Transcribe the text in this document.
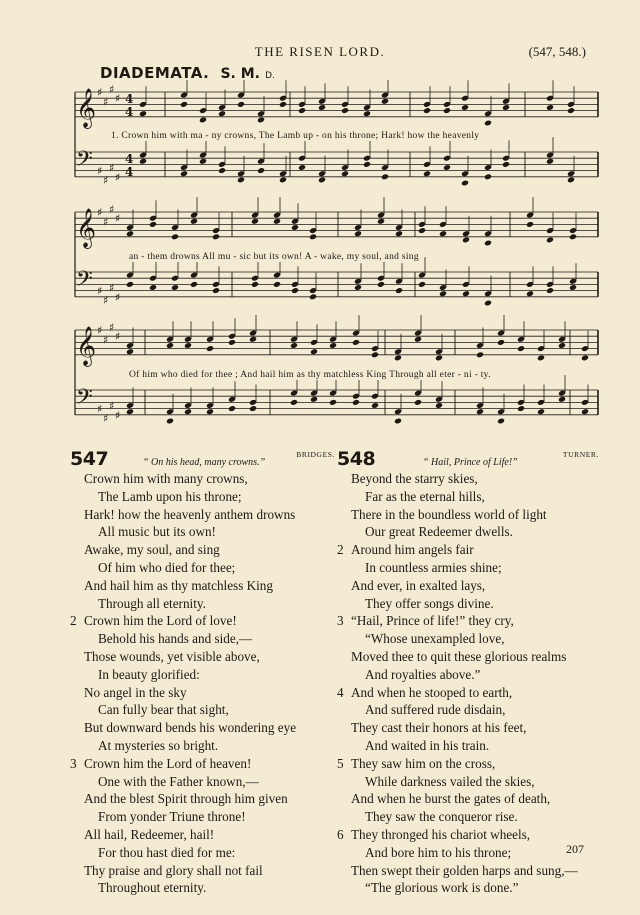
THE RISEN LORD.	(547, 548.)
DIADEMATA. S. M. D.
𝄞 ♯
♯
♯
♯ 4
4
𝄢 ♯
♯
♯
♯
4
4
𝄞 ♯
♯
♯
♯
𝄢 ♯
♯
♯
♯
𝄞 ♯
♯
♯
♯
𝄢 ♯
♯
♯
♯
1. Crown him with ma - ny crowns, The Lamb up - on his throne; Hark! how the heavenly
an - them drowns All mu - sic but its own! A - wake, my soul, and sing
Of him who died for thee ; And hail him as thy matchless King Through all eter - ni - ty.
547	“ On his head, many crowns.”
BRIDGES.
Crown him with many crowns,
The Lamb upon his throne;
Hark! how the heavenly anthem drowns
All music but its own!
Awake, my soul, and sing
Of him who died for thee;
And hail him as thy matchless King
Through all eternity.
2 Crown him the Lord of love!
Behold his hands and side,—
Those wounds, yet visible above,
In beauty glorified:
No angel in the sky
Can fully bear that sight,
But downward bends his wondering eye
At mysteries so bright.
3 Crown him the Lord of heaven!
One with the Father known,—
And the blest Spirit through him given
From yonder Triune throne!
All hail, Redeemer, hail!
For thou hast died for me:
Thy praise and glory shall not fail
Throughout eternity.
548	“ Hail, Prince of Life!”
TURNER.
Beyond the starry skies,
Far as the eternal hills,
There in the boundless world of light
Our great Redeemer dwells.
2 Around him angels fair
In countless armies shine;
And ever, in exalted lays,
They offer songs divine.
3 “Hail, Prince of life!” they cry,
“Whose unexampled love,
Moved thee to quit these glorious realms
And royalties above.”
4 And when he stooped to earth,
And suffered rude disdain,
They cast their honors at his feet,
And waited in his train.
5 They saw him on the cross,
While darkness vailed the skies,
And when he burst the gates of death,
They saw the conqueror rise.
6 They thronged his chariot wheels,
And bore him to his throne;
Then swept their golden harps and sung,—
“The glorious work is done.”
207
